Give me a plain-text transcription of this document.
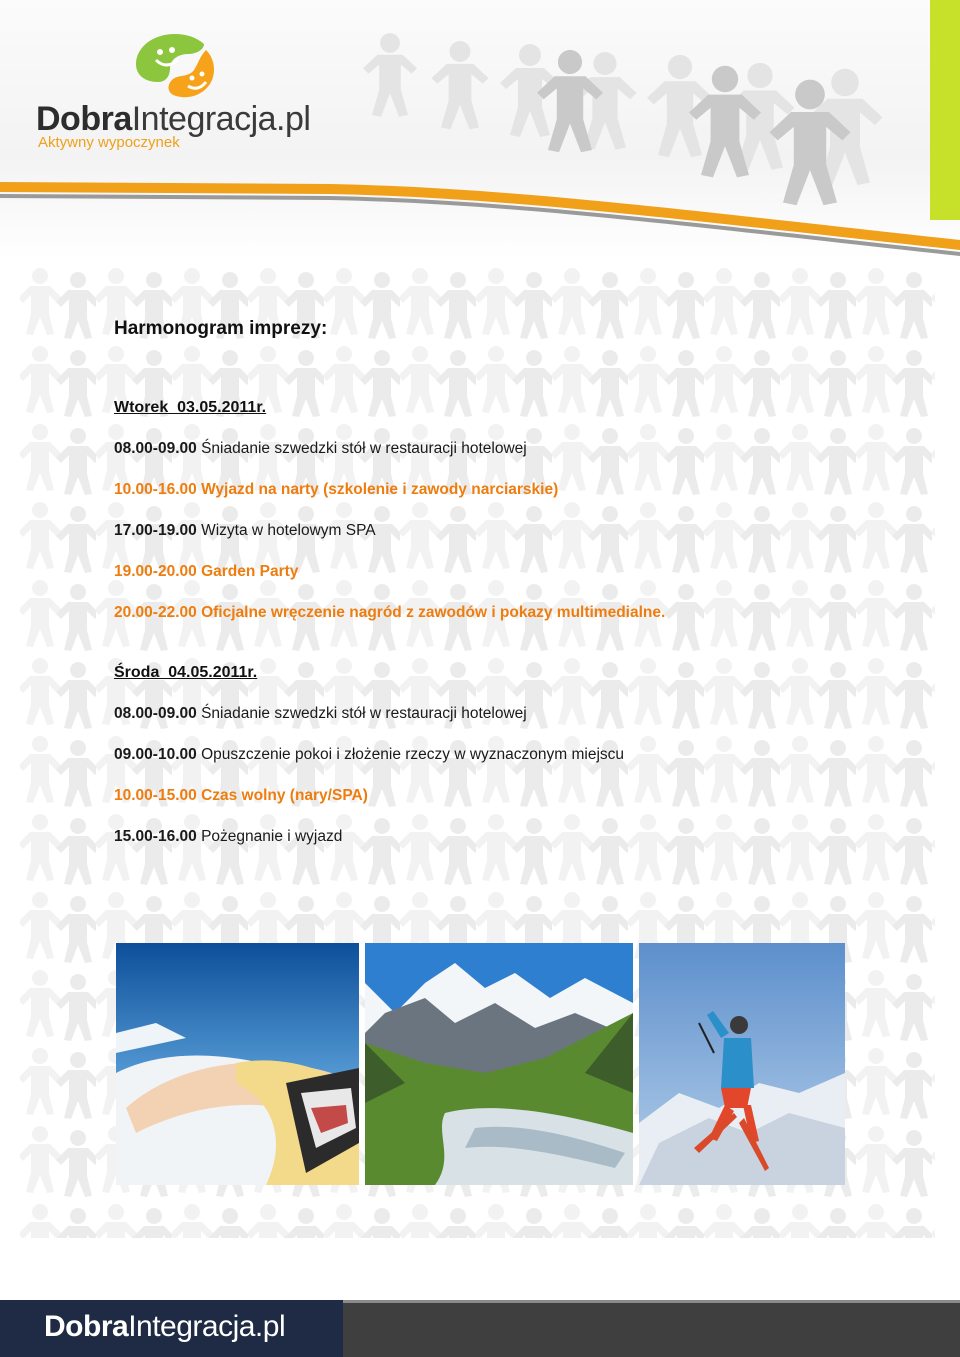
DobraIntegracja.pl
Aktywny wypoczynek
Harmonogram imprezy:

Wtorek  03.05.2011r.

08.00-09.00 Śniadanie szwedzki stół w restauracji hotelowej
10.00-16.00 Wyjazd na narty (szkolenie i zawody narciarskie)
17.00-19.00 Wizyta w hotelowym SPA
19.00-20.00 Garden Party
20.00-22.00 Oficjalne wręczenie nagród z zawodów i pokazy multimedialne.

Środa  04.05.2011r.

08.00-09.00 Śniadanie szwedzki stół w restauracji hotelowej
09.00-10.00 Opuszczenie pokoi i złożenie rzeczy w wyznaczonym miejscu
10.00-15.00 Czas wolny (nary/SPA)
15.00-16.00 Pożegnanie i wyjazd
DobraIntegracja.pl
